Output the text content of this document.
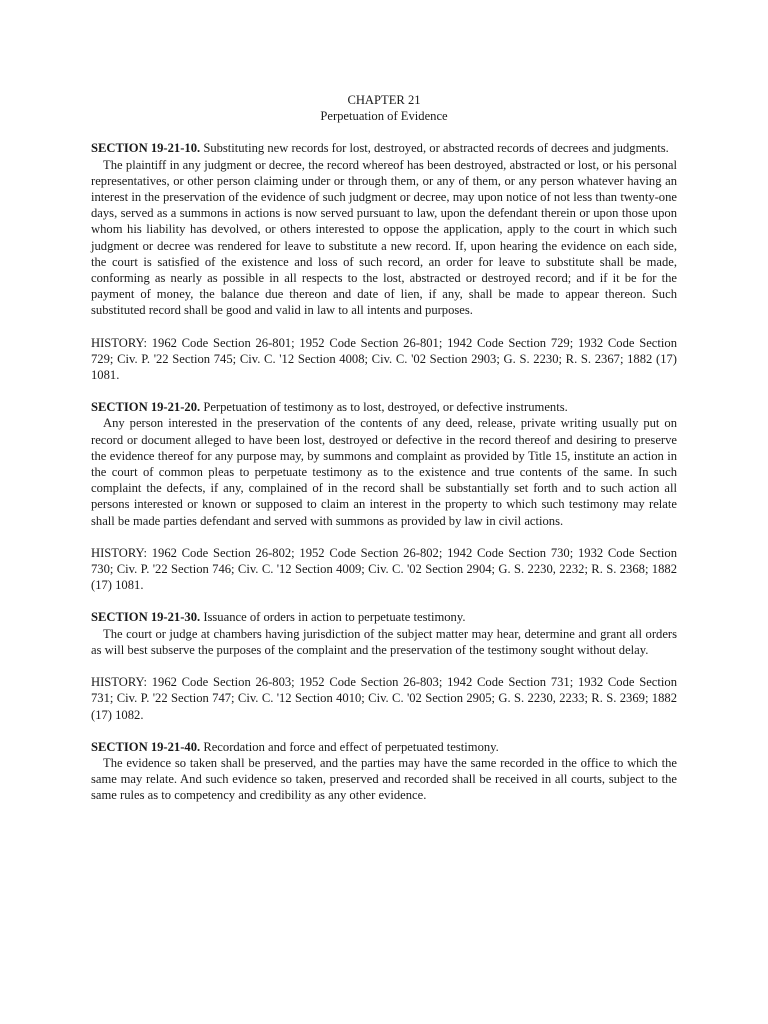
CHAPTER 21
Perpetuation of Evidence
SECTION 19-21-10. Substituting new records for lost, destroyed, or abstracted records of decrees and judgments.
The plaintiff in any judgment or decree, the record whereof has been destroyed, abstracted or lost, or his personal representatives, or other person claiming under or through them, or any of them, or any person whatever having an interest in the preservation of the evidence of such judgment or decree, may upon notice of not less than twenty-one days, served as a summons in actions is now served pursuant to law, upon the defendant therein or upon those upon whom his liability has devolved, or others interested to oppose the application, apply to the court in which such judgment or decree was rendered for leave to substitute a new record. If, upon hearing the evidence on each side, the court is satisfied of the existence and loss of such record, an order for leave to substitute shall be made, conforming as nearly as possible in all respects to the lost, abstracted or destroyed record; and if it be for the payment of money, the balance due thereon and date of lien, if any, shall be made to appear thereon. Such substituted record shall be good and valid in law to all intents and purposes.
HISTORY: 1962 Code Section 26-801; 1952 Code Section 26-801; 1942 Code Section 729; 1932 Code Section 729; Civ. P. '22 Section 745; Civ. C. '12 Section 4008; Civ. C. '02 Section 2903; G. S. 2230; R. S. 2367; 1882 (17) 1081.
SECTION 19-21-20. Perpetuation of testimony as to lost, destroyed, or defective instruments.
Any person interested in the preservation of the contents of any deed, release, private writing usually put on record or document alleged to have been lost, destroyed or defective in the record thereof and desiring to preserve the evidence thereof for any purpose may, by summons and complaint as provided by Title 15, institute an action in the court of common pleas to perpetuate testimony as to the existence and true contents of the same. In such complaint the defects, if any, complained of in the record shall be substantially set forth and to such action all persons interested or known or supposed to claim an interest in the property to which such testimony may relate shall be made parties defendant and served with summons as provided by law in civil actions.
HISTORY: 1962 Code Section 26-802; 1952 Code Section 26-802; 1942 Code Section 730; 1932 Code Section 730; Civ. P. '22 Section 746; Civ. C. '12 Section 4009; Civ. C. '02 Section 2904; G. S. 2230, 2232; R. S. 2368; 1882 (17) 1081.
SECTION 19-21-30. Issuance of orders in action to perpetuate testimony.
The court or judge at chambers having jurisdiction of the subject matter may hear, determine and grant all orders as will best subserve the purposes of the complaint and the preservation of the testimony sought without delay.
HISTORY: 1962 Code Section 26-803; 1952 Code Section 26-803; 1942 Code Section 731; 1932 Code Section 731; Civ. P. '22 Section 747; Civ. C. '12 Section 4010; Civ. C. '02 Section 2905; G. S. 2230, 2233; R. S. 2369; 1882 (17) 1082.
SECTION 19-21-40. Recordation and force and effect of perpetuated testimony.
The evidence so taken shall be preserved, and the parties may have the same recorded in the office to which the same may relate. And such evidence so taken, preserved and recorded shall be received in all courts, subject to the same rules as to competency and credibility as any other evidence.
